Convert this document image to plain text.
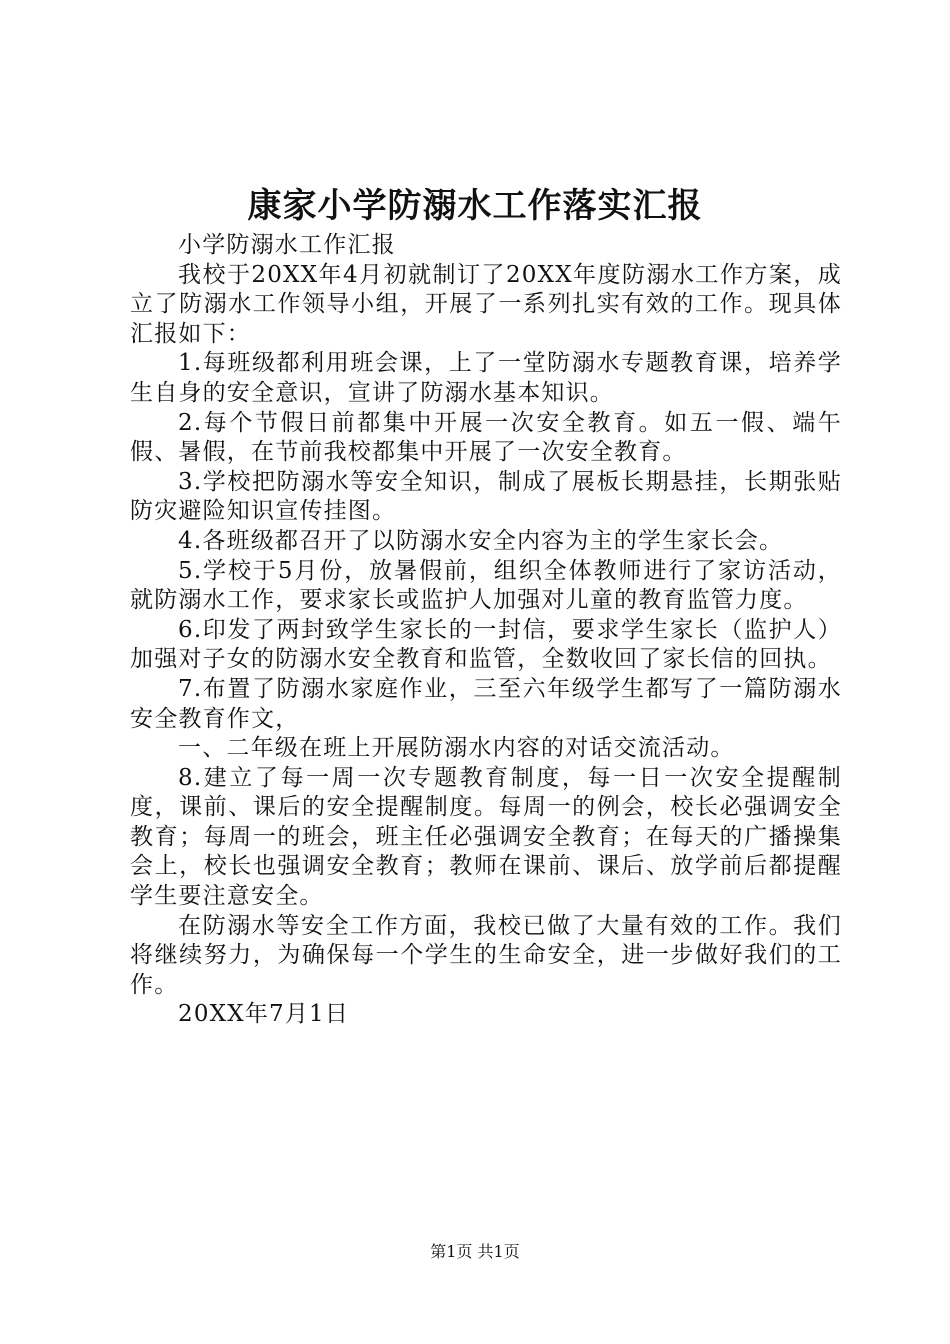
康家小学防溺水工作落实汇报

小学防溺水工作汇报

我校于20XX年4月初就制订了20XX年度防溺水工作方案，成立了防溺水工作领导小组，开展了一系列扎实有效的工作。现具体汇报如下：

1.每班级都利用班会课，上了一堂防溺水专题教育课，培养学生自身的安全意识，宣讲了防溺水基本知识。

2.每个节假日前都集中开展一次安全教育。如五一假、端午假、暑假，在节前我校都集中开展了一次安全教育。

3.学校把防溺水等安全知识，制成了展板长期悬挂，长期张贴防灾避险知识宣传挂图。

4.各班级都召开了以防溺水安全内容为主的学生家长会。

5.学校于5月份，放暑假前，组织全体教师进行了家访活动，就防溺水工作，要求家长或监护人加强对儿童的教育监管力度。

6.印发了两封致学生家长的一封信，要求学生家长（监护人）加强对子女的防溺水安全教育和监管，全数收回了家长信的回执。

7.布置了防溺水家庭作业，三至六年级学生都写了一篇防溺水安全教育作文，

一、二年级在班上开展防溺水内容的对话交流活动。

8.建立了每一周一次专题教育制度，每一日一次安全提醒制度，课前、课后的安全提醒制度。每周一的例会，校长必强调安全教育；每周一的班会，班主任必强调安全教育；在每天的广播操集会上，校长也强调安全教育；教师在课前、课后、放学前后都提醒学生要注意安全。

在防溺水等安全工作方面，我校已做了大量有效的工作。我们将继续努力，为确保每一个学生的生命安全，进一步做好我们的工作。

20XX年7月1日

第1页 共1页
